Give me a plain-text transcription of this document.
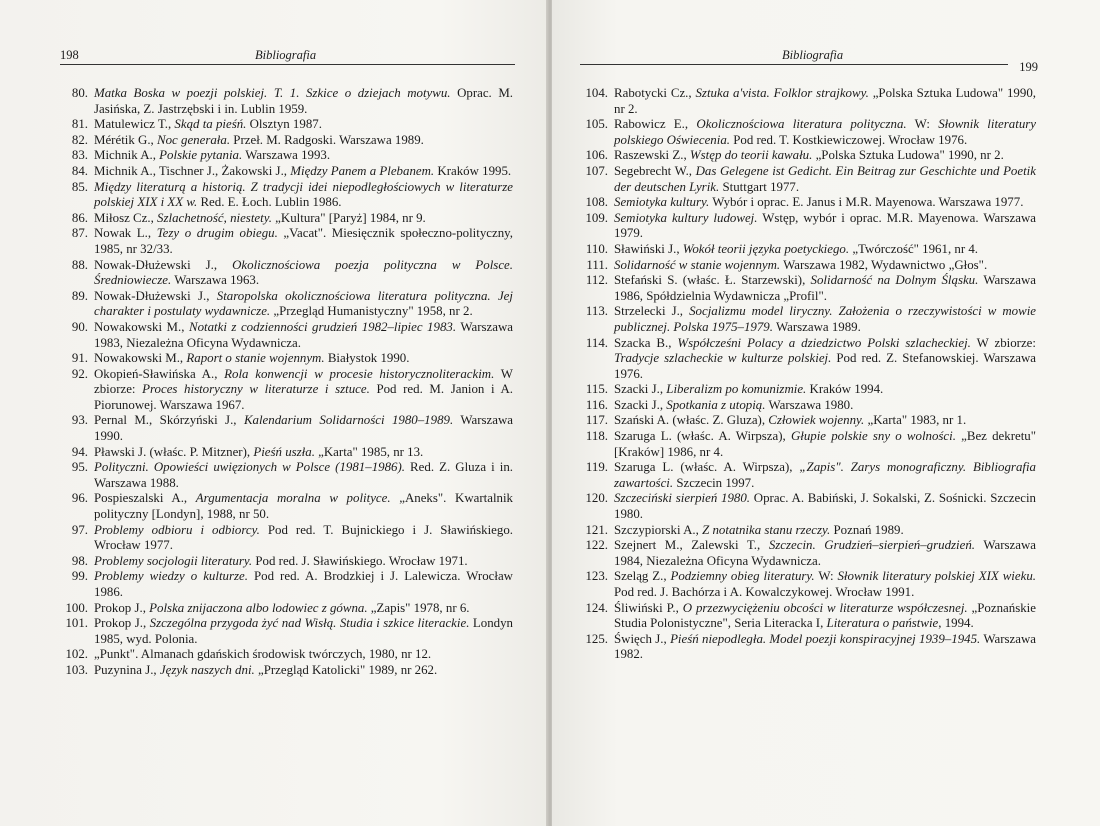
198	Bibliografia
80. Matka Boska w poezji polskiej. T. 1. Szkice o dziejach motywu. Oprac. M. Jasińska, Z. Jastrzębski i in. Lublin 1959.
81. Matulewicz T., Skąd ta pieśń. Olsztyn 1987.
82. Mérétik G., Noc generała. Przeł. M. Radgoski. Warszawa 1989.
83. Michnik A., Polskie pytania. Warszawa 1993.
84. Michnik A., Tischner J., Żakowski J., Między Panem a Plebanem. Kraków 1995.
85. Między literaturą a historią. Z tradycji idei niepodległościowych w literaturze polskiej XIX i XX w. Red. E. Łoch. Lublin 1986.
86. Miłosz Cz., Szlachetność, niestety. „Kultura" [Paryż] 1984, nr 9.
87. Nowak L., Tezy o drugim obiegu. „Vacat". Miesięcznik społeczno-polityczny, 1985, nr 32/33.
88. Nowak-Dłużewski J., Okolicznościowa poezja polityczna w Polsce. Średniowiecze. Warszawa 1963.
89. Nowak-Dłużewski J., Staropolska okolicznościowa literatura polityczna. Jej charakter i postulaty wydawnicze. „Przegląd Humanistyczny" 1958, nr 2.
90. Nowakowski M., Notatki z codzienności grudzień 1982–lipiec 1983. Warszawa 1983, Niezależna Oficyna Wydawnicza.
91. Nowakowski M., Raport o stanie wojennym. Białystok 1990.
92. Okopień-Sławińska A., Rola konwencji w procesie historycznoliterackim. W zbiorze: Proces historyczny w literaturze i sztuce. Pod red. M. Janion i A. Piorunowej. Warszawa 1967.
93. Pernal M., Skórzyński J., Kalendarium Solidarności 1980–1989. Warszawa 1990.
94. Pławski J. (właśc. P. Mitzner), Pieśń uszła. „Karta" 1985, nr 13.
95. Polityczni. Opowieści uwięzionych w Polsce (1981–1986). Red. Z. Gluza i in. Warszawa 1988.
96. Pospieszalski A., Argumentacja moralna w polityce. „Aneks". Kwartalnik polityczny [Londyn], 1988, nr 50.
97. Problemy odbioru i odbiorcy. Pod red. T. Bujnickiego i J. Sławińskiego. Wrocław 1977.
98. Problemy socjologii literatury. Pod red. J. Sławińskiego. Wrocław 1971.
99. Problemy wiedzy o kulturze. Pod red. A. Brodzkiej i J. Lalewicza. Wrocław 1986.
100. Prokop J., Polska znijaczona albo lodowiec z gówna. „Zapis" 1978, nr 6.
101. Prokop J., Szczególna przygoda żyć nad Wisłą. Studia i szkice literackie. Londyn 1985, wyd. Polonia.
102. „Punkt". Almanach gdańskich środowisk twórczych, 1980, nr 12.
103. Puzynina J., Język naszych dni. „Przegląd Katolicki" 1989, nr 262.
Bibliografia
199
104. Rabotycki Cz., Sztuka a'vista. Folklor strajkowy. „Polska Sztuka Ludowa" 1990, nr 2.
105. Rabowicz E., Okolicznościowa literatura polityczna. W: Słownik literatury polskiego Oświecenia. Pod red. T. Kostkiewiczowej. Wrocław 1976.
106. Raszewski Z., Wstęp do teorii kawału. „Polska Sztuka Ludowa" 1990, nr 2.
107. Segebrecht W., Das Gelegene ist Gedicht. Ein Beitrag zur Geschichte und Poetik der deutschen Lyrik. Stuttgart 1977.
108. Semiotyka kultury. Wybór i oprac. E. Janus i M.R. Mayenowa. Warszawa 1977.
109. Semiotyka kultury ludowej. Wstęp, wybór i oprac. M.R. Mayenowa. Warszawa 1979.
110. Sławiński J., Wokół teorii języka poetyckiego. „Twórczość" 1961, nr 4.
111. Solidarność w stanie wojennym. Warszawa 1982, Wydawnictwo „Głos".
112. Stefański S. (właśc. Ł. Starzewski), Solidarność na Dolnym Śląsku. Warszawa 1986, Spółdzielnia Wydawnicza „Profil".
113. Strzelecki J., Socjalizmu model liryczny. Założenia o rzeczywistości w mowie publicznej. Polska 1975–1979. Warszawa 1989.
114. Szacka B., Współcześni Polacy a dziedzictwo Polski szlacheckiej. W zbiorze: Tradycje szlacheckie w kulturze polskiej. Pod red. Z. Stefanowskiej. Warszawa 1976.
115. Szacki J., Liberalizm po komunizmie. Kraków 1994.
116. Szacki J., Spotkania z utopią. Warszawa 1980.
117. Szański A. (właśc. Z. Gluza), Człowiek wojenny. „Karta" 1983, nr 1.
118. Szaruga L. (właśc. A. Wirpsza), Głupie polskie sny o wolności. „Bez dekretu" [Kraków] 1986, nr 4.
119. Szaruga L. (właśc. A. Wirpsza), „Zapis". Zarys monograficzny. Bibliografia zawartości. Szczecin 1997.
120. Szczeciński sierpień 1980. Oprac. A. Babiński, J. Sokalski, Z. Sośnicki. Szczecin 1980.
121. Szczypiorski A., Z notatnika stanu rzeczy. Poznań 1989.
122. Szejnert M., Zalewski T., Szczecin. Grudzień–sierpień–grudzień. Warszawa 1984, Niezależna Oficyna Wydawnicza.
123. Szeląg Z., Podziemny obieg literatury. W: Słownik literatury polskiej XIX wieku. Pod red. J. Bachórza i A. Kowalczykowej. Wrocław 1991.
124. Śliwiński P., O przezwyciężeniu obcości w literaturze współczesnej. „Poznańskie Studia Polonistyczne", Seria Literacka I, Literatura o państwie, 1994.
125. Święch J., Pieśń niepodległa. Model poezji konspiracyjnej 1939–1945. Warszawa 1982.
